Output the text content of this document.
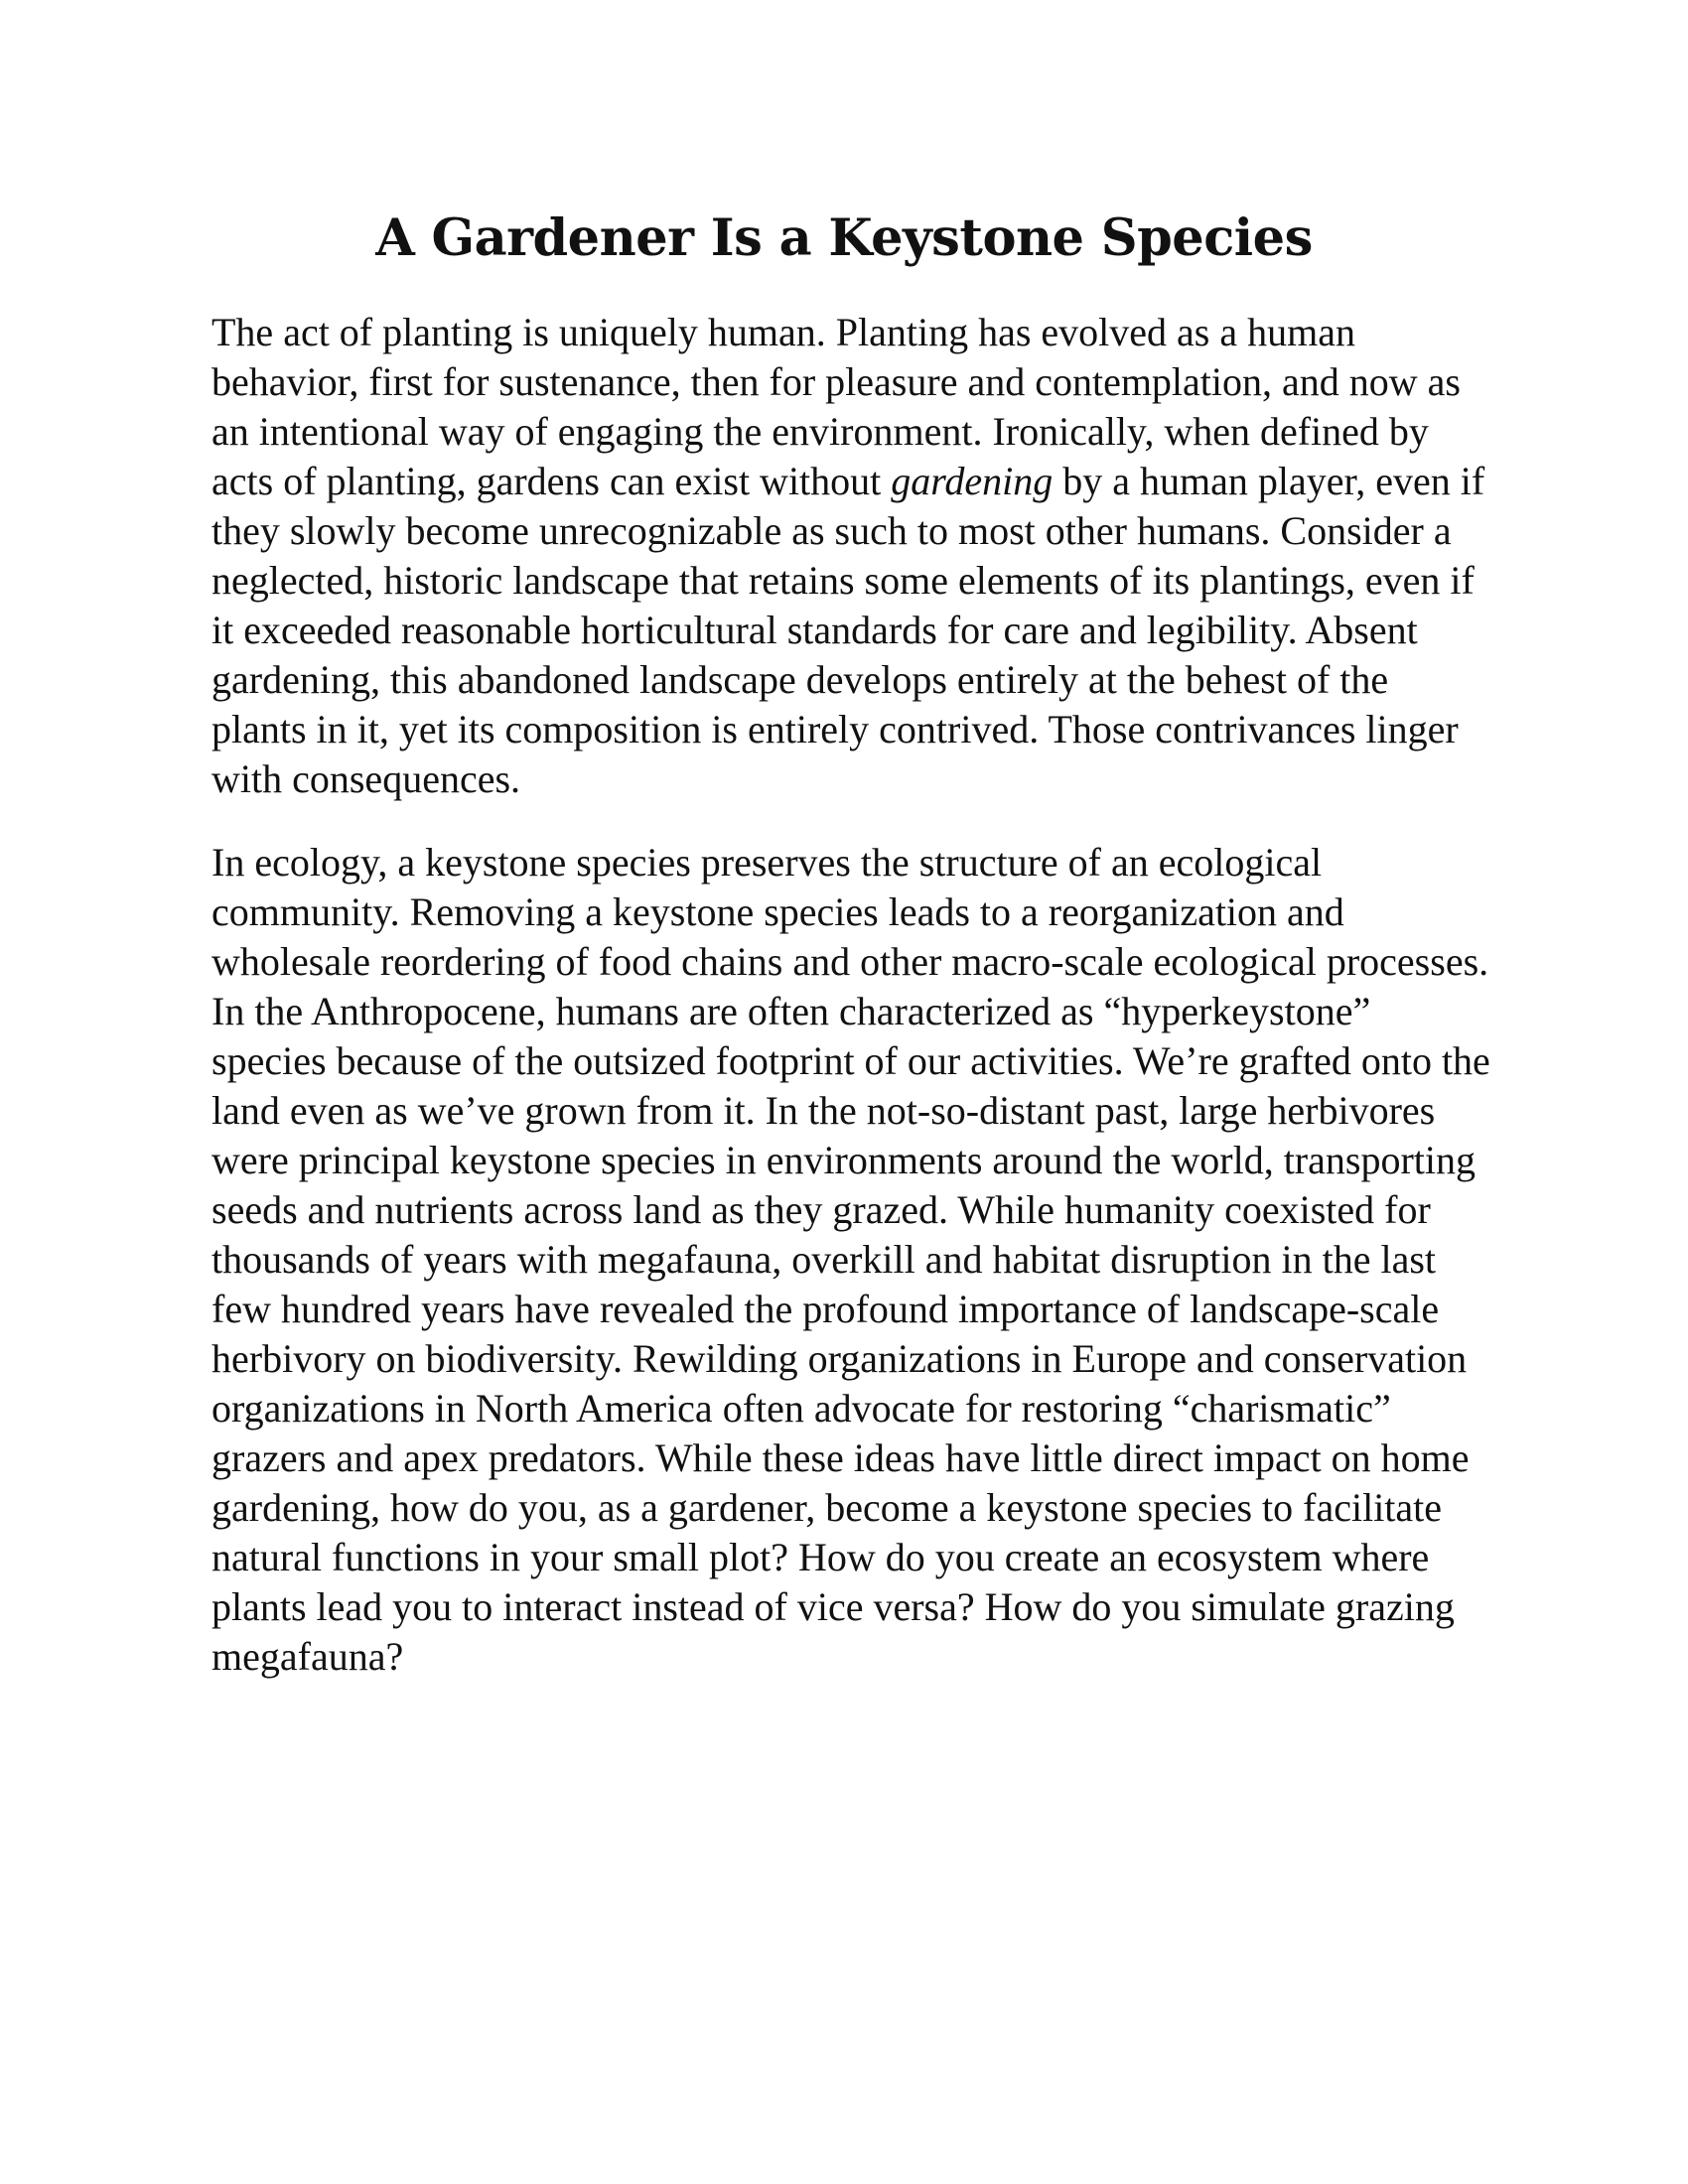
A Gardener Is a Keystone Species

The act of planting is uniquely human. Planting has evolved as a human behavior, first for sustenance, then for pleasure and contemplation, and now as an intentional way of engaging the environment. Ironically, when defined by acts of planting, gardens can exist without gardening by a human player, even if they slowly become unrecognizable as such to most other humans. Consider a neglected, historic landscape that retains some elements of its plantings, even if it exceeded reasonable horticultural standards for care and legibility. Absent gardening, this abandoned landscape develops entirely at the behest of the plants in it, yet its composition is entirely contrived. Those contrivances linger with consequences.

In ecology, a keystone species preserves the structure of an ecological community. Removing a keystone species leads to a reorganization and wholesale reordering of food chains and other macro-scale ecological processes. In the Anthropocene, humans are often characterized as “hyperkeystone” species because of the outsized footprint of our activities. We’re grafted onto the land even as we’ve grown from it. In the not-so-distant past, large herbivores were principal keystone species in environments around the world, transporting seeds and nutrients across land as they grazed. While humanity coexisted for thousands of years with megafauna, overkill and habitat disruption in the last few hundred years have revealed the profound importance of landscape-scale herbivory on biodiversity. Rewilding organizations in Europe and conservation organizations in North America often advocate for restoring “charismatic” grazers and apex predators. While these ideas have little direct impact on home gardening, how do you, as a gardener, become a keystone species to facilitate natural functions in your small plot? How do you create an ecosystem where plants lead you to interact instead of vice versa? How do you simulate grazing megafauna?
